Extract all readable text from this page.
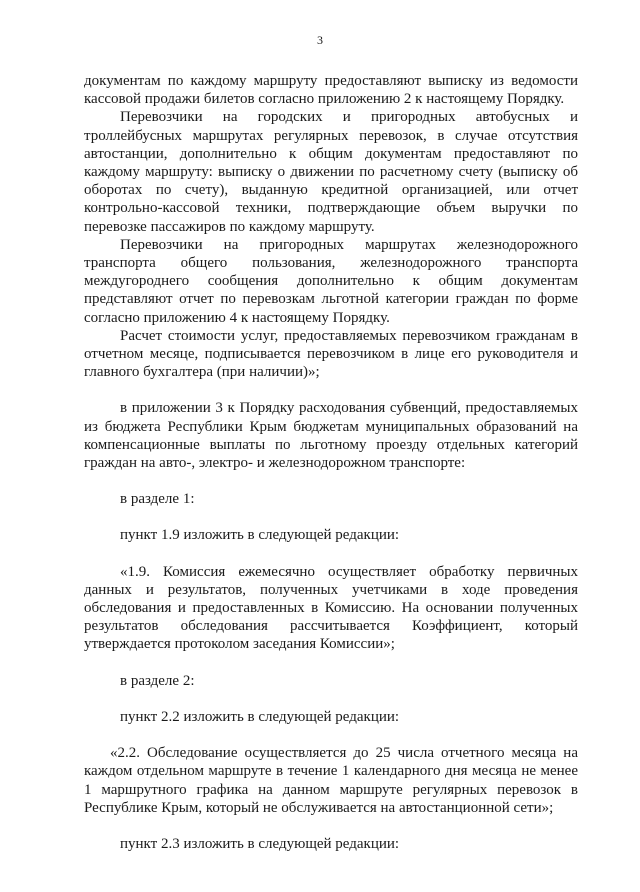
3

документам по каждому маршруту предоставляют выписку из ведомости кассовой продажи билетов согласно приложению 2 к настоящему Порядку.

Перевозчики на городских и пригородных автобусных и троллейбусных маршрутах регулярных перевозок, в случае отсутствия автостанции, дополнительно к общим документам предоставляют по каждому маршруту: выписку о движении по расчетному счету (выписку об оборотах по счету), выданную кредитной организацией, или отчет контрольно-кассовой техники, подтверждающие объем выручки по перевозке пассажиров по каждому маршруту.

Перевозчики на пригородных маршрутах железнодорожного транспорта общего пользования, железнодорожного транспорта междугороднего сообщения дополнительно к общим документам представляют отчет по перевозкам льготной категории граждан по форме согласно приложению 4 к настоящему Порядку.

Расчет стоимости услуг, предоставляемых перевозчиком гражданам в отчетном месяце, подписывается перевозчиком в лице его руководителя и главного бухгалтера (при наличии)»;

в приложении 3 к Порядку расходования субвенций, предоставляемых из бюджета Республики Крым бюджетам муниципальных образований на компенсационные выплаты по льготному проезду отдельных категорий граждан на авто-, электро- и железнодорожном транспорте:

в разделе 1:

пункт 1.9 изложить в следующей редакции:

«1.9. Комиссия ежемесячно осуществляет обработку первичных данных и результатов, полученных учетчиками в ходе проведения обследования и предоставленных в Комиссию. На основании полученных результатов обследования рассчитывается Коэффициент, который утверждается протоколом заседания Комиссии»;

в разделе 2:

пункт 2.2 изложить в следующей редакции:

«2.2. Обследование осуществляется до 25 числа отчетного месяца на каждом отдельном маршруте в течение 1 календарного дня месяца не менее 1 маршрутного графика на данном маршруте регулярных перевозок в Республике Крым, который не обслуживается на автостанционной сети»;

пункт 2.3 изложить в следующей редакции:
